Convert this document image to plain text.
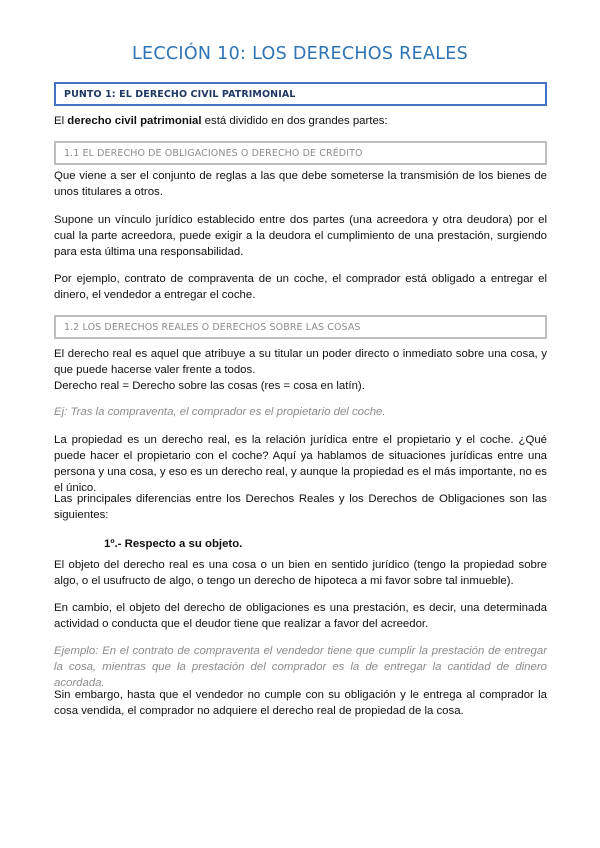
LECCIÓN 10: LOS DERECHOS REALES
PUNTO 1: EL DERECHO CIVIL PATRIMONIAL

El derecho civil patrimonial está dividido en dos grandes partes:

1.1 EL DERECHO DE OBLIGACIONES O DERECHO DE CRÉDITO

Que viene a ser el conjunto de reglas a las que debe someterse la transmisión de los bienes de unos titulares a otros.

Supone un vínculo jurídico establecido entre dos partes (una acreedora y otra deudora) por el cual la parte acreedora, puede exigir a la deudora el cumplimiento de una prestación, surgiendo para esta última una responsabilidad.

Por ejemplo, contrato de compraventa de un coche, el comprador está obligado a entregar el dinero, el vendedor a entregar el coche.

1.2 LOS DERECHOS REALES O DERECHOS SOBRE LAS COSAS

El derecho real es aquel que atribuye a su titular un poder directo o inmediato sobre una cosa, y que puede hacerse valer frente a todos.
Derecho real = Derecho sobre las cosas (res = cosa en latín).

Ej: Tras la compraventa, el comprador es el propietario del coche.

La propiedad es un derecho real, es la relación jurídica entre el propietario y el coche. ¿Qué puede hacer el propietario con el coche? Aquí ya hablamos de situaciones jurídicas entre una persona y una cosa, y eso es un derecho real, y aunque la propiedad es el más importante, no es el único.

Las principales diferencias entre los Derechos Reales y los Derechos de Obligaciones son las siguientes:

1º.- Respecto a su objeto.

El objeto del derecho real es una cosa o un bien en sentido jurídico (tengo la propiedad sobre algo, o el usufructo de algo, o tengo un derecho de hipoteca a mi favor sobre tal inmueble).

En cambio, el objeto del derecho de obligaciones es una prestación, es decir, una determinada actividad o conducta que el deudor tiene que realizar a favor del acreedor.

Ejemplo: En el contrato de compraventa el vendedor tiene que cumplir la prestación de entregar la cosa, mientras que la prestación del comprador es la de entregar la cantidad de dinero acordada.

Sin embargo, hasta que el vendedor no cumple con su obligación y le entrega al comprador la cosa vendida, el comprador no adquiere el derecho real de propiedad de la cosa.
